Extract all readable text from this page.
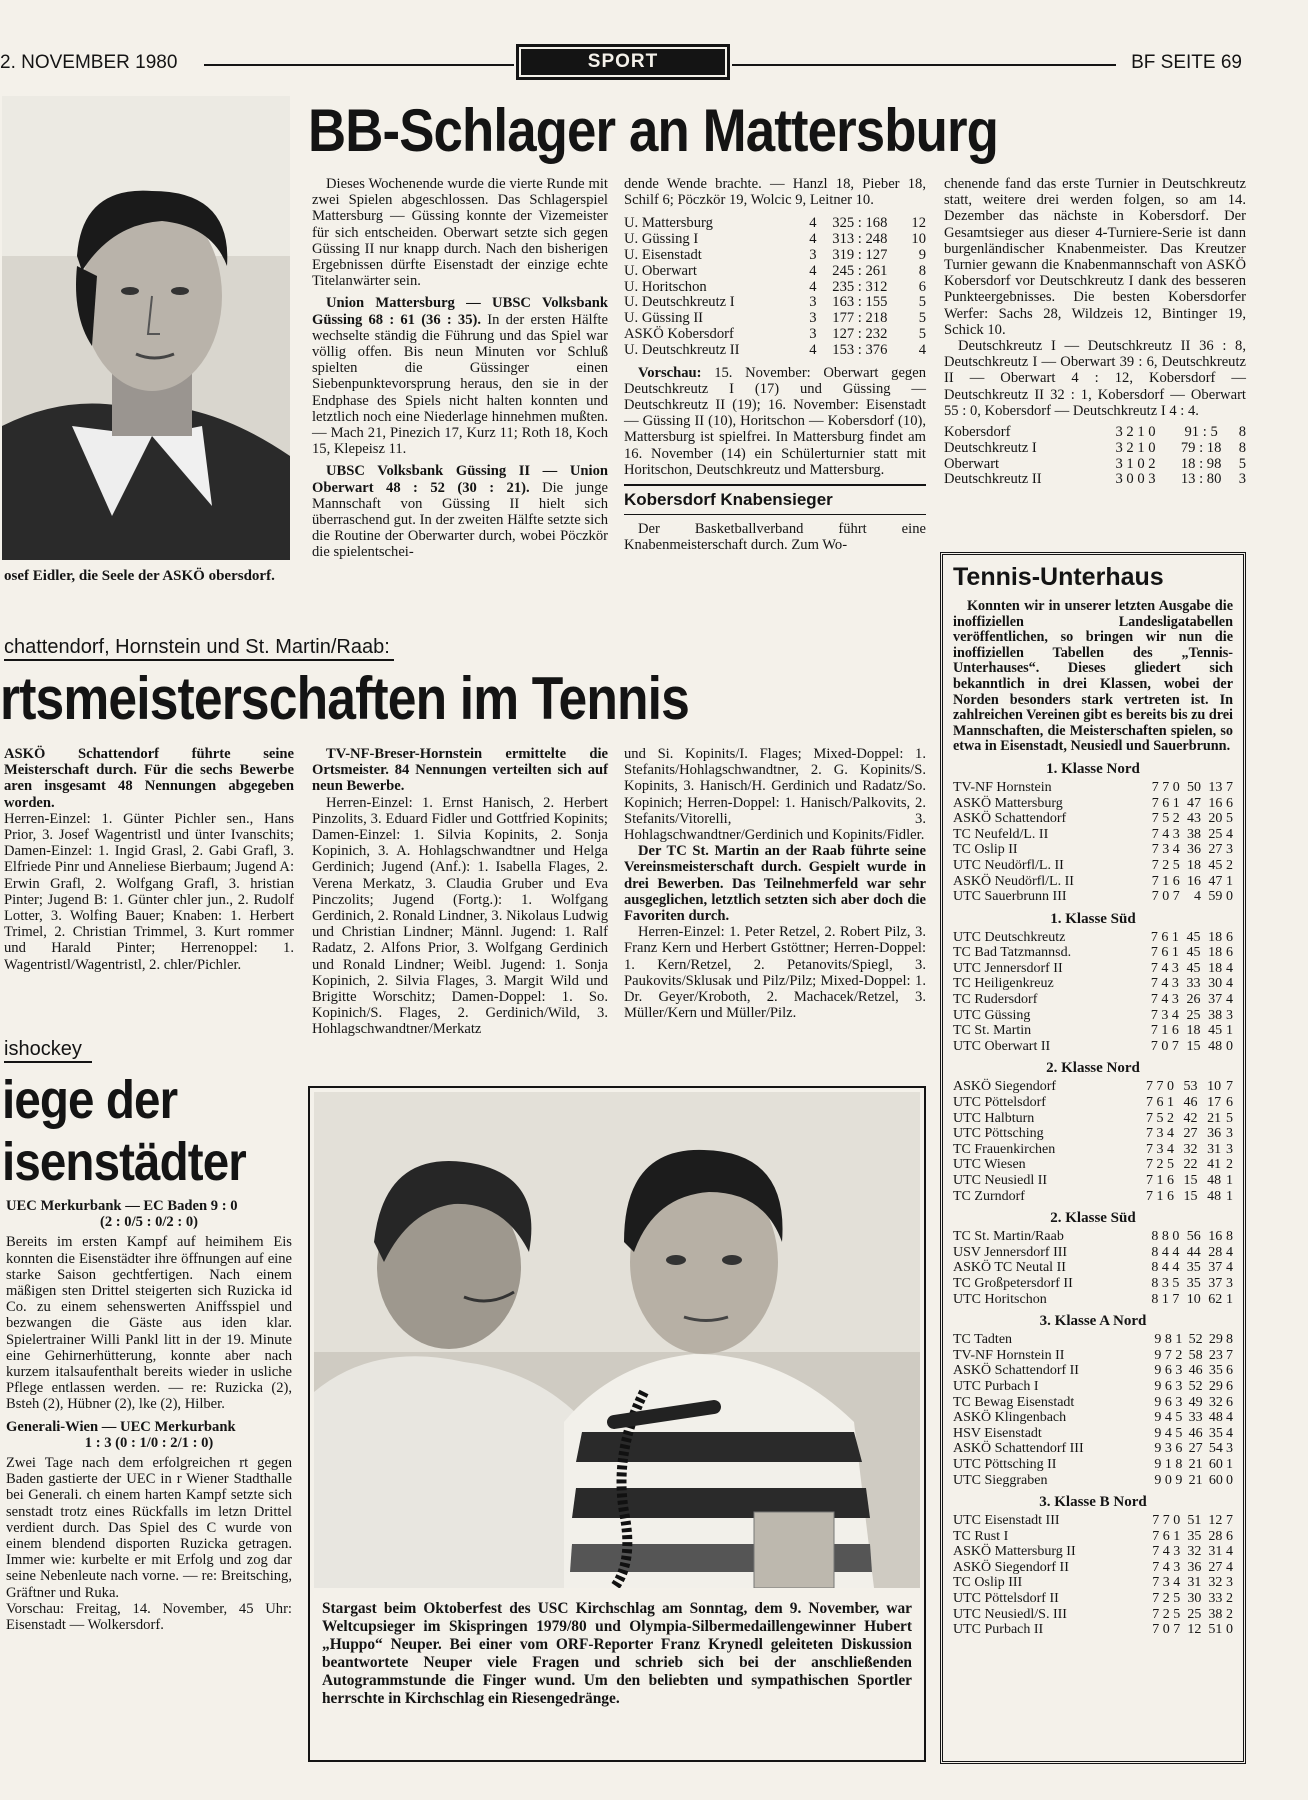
2. NOVEMBER 1980	SPORT	BF SEITE 69
osef Eidler, die Seele der ASKÖ obersdorf.
BB-Schlager an Mattersburg

Dieses Wochenende wurde die vierte Runde mit zwei Spielen abgeschlossen. Das Schlagerspiel Mattersburg — Güssing konnte der Vizemeister für sich entscheiden. Oberwart setzte sich gegen Güssing II nur knapp durch. Nach den bisherigen Ergebnissen dürfte Eisenstadt der einzige echte Titelanwärter sein.

Union Mattersburg — UBSC Volksbank Güssing 68 : 61 (36 : 35). In der ersten Hälfte wechselte ständig die Führung und das Spiel war völlig offen. Bis neun Minuten vor Schluß spielten die Güssinger einen Siebenpunktevorsprung heraus, den sie in der Endphase des Spiels nicht halten konnten und letztlich noch eine Niederlage hinnehmen mußten. — Mach 21, Pinezich 17, Kurz 11; Roth 18, Koch 15, Klepeisz 11.

UBSC Volksbank Güssing II — Union Oberwart 48 : 52 (30 : 21). Die junge Mannschaft von Güssing II hielt sich überraschend gut. In der zweiten Hälfte setzte sich die Routine der Oberwarter durch, wobei Pöczkör die spielentschei-

dende Wende brachte. — Hanzl 18, Pieber 18, Schilf 6; Pöczkör 19, Wolcic 9, Leitner 10.

U. Mattersburg	4	325 : 168	12
U. Güssing I	4	313 : 248	10
U. Eisenstadt	3	319 : 127	9
U. Oberwart	4	245 : 261	8
U. Horitschon	4	235 : 312	6
U. Deutschkreutz I	3	163 : 155	5
U. Güssing II	3	177 : 218	5
ASKÖ Kobersdorf	3	127 : 232	5
U. Deutschkreutz II	4	153 : 376	4

Vorschau: 15. November: Oberwart gegen Deutschkreutz I (17) und Güssing — Deutschkreutz II (19); 16. November: Eisenstadt — Güssing II (10), Horitschon — Kobersdorf (10), Mattersburg ist spielfrei. In Mattersburg findet am 16. November (14) ein Schülerturnier statt mit Horitschon, Deutschkreutz und Mattersburg.

Kobersdorf Knabensieger

Der Basketballverband führt eine Knabenmeisterschaft durch. Zum Wo-

chenende fand das erste Turnier in Deutschkreutz statt, weitere drei werden folgen, so am 14. Dezember das nächste in Kobersdorf. Der Gesamtsieger aus dieser 4-Turniere-Serie ist dann burgenländischer Knabenmeister. Das Kreutzer Turnier gewann die Knabenmannschaft von ASKÖ Kobersdorf vor Deutschkreutz I dank des besseren Punkteergebnisses. Die besten Kobersdorfer Werfer: Sachs 28, Wildzeis 12, Bintinger 19, Schick 10.

Deutschkreutz I — Deutschkreutz II 36 : 8, Deutschkreutz I — Oberwart 39 : 6, Deutschkreutz II — Oberwart 4 : 12, Kobersdorf — Deutschkreutz II 32 : 1, Kobersdorf — Oberwart 55 : 0, Kobersdorf — Deutschkreutz I 4 : 4.

Kobersdorf	3 2 1 0	91 : 5	8
Deutschkreutz I	3 2 1 0	79 : 18	8
Oberwart	3 1 0 2	18 : 98	5
Deutschkreutz II	3 0 0 3	13 : 80	3
chattendorf, Hornstein und St. Martin/Raab:
rtsmeisterschaften im Tennis

ASKÖ Schattendorf führte seine Meisterschaft durch. Für die sechs Bewerbe aren insgesamt 48 Nennungen abgegeben worden.

Herren-Einzel: 1. Günter Pichler sen., Hans Prior, 3. Josef Wagentristl und ünter Ivanschits; Damen-Einzel: 1. Ingid Grasl, 2. Gabi Grafl, 3. Elfriede Pinr und Anneliese Bierbaum; Jugend A: Erwin Grafl, 2. Wolfgang Grafl, 3. hristian Pinter; Jugend B: 1. Günter chler jun., 2. Rudolf Lotter, 3. Wolfing Bauer; Knaben: 1. Herbert Trimel, 2. Christian Trimmel, 3. Kurt rommer und Harald Pinter; Herrenoppel: 1. Wagentristl/Wagentristl, 2. chler/Pichler.

TV-NF-Breser-Hornstein ermittelte die Ortsmeister. 84 Nennungen verteilten sich auf neun Bewerbe.

Herren-Einzel: 1. Ernst Hanisch, 2. Herbert Pinzolits, 3. Eduard Fidler und Gottfried Kopinits; Damen-Einzel: 1. Silvia Kopinits, 2. Sonja Kopinich, 3. A. Hohlagschwandtner und Helga Gerdinich; Jugend (Anf.): 1. Isabella Flages, 2. Verena Merkatz, 3. Claudia Gruber und Eva Pinczolits; Jugend (Fortg.): 1. Wolfgang Gerdinich, 2. Ronald Lindner, 3. Nikolaus Ludwig und Christian Lindner; Männl. Jugend: 1. Ralf Radatz, 2. Alfons Prior, 3. Wolfgang Gerdinich und Ronald Lindner; Weibl. Jugend: 1. Sonja Kopinich, 2. Silvia Flages, 3. Margit Wild und Brigitte Worschitz; Damen-Doppel: 1. So. Kopinich/S. Flages, 2. Gerdinich/Wild, 3. Hohlagschwandtner/Merkatz

und Si. Kopinits/I. Flages; Mixed-Doppel: 1. Stefanits/Hohlagschwandtner, 2. G. Kopinits/S. Kopinits, 3. Hanisch/H. Gerdinich und Radatz/So. Kopinich; Herren-Doppel: 1. Hanisch/Palkovits, 2. Stefanits/Vitorelli, 3. Hohlagschwandtner/Gerdinich und Kopinits/Fidler.

Der TC St. Martin an der Raab führte seine Vereinsmeisterschaft durch. Gespielt wurde in drei Bewerben. Das Teilnehmerfeld war sehr ausgeglichen, letztlich setzten sich aber doch die Favoriten durch.

Herren-Einzel: 1. Peter Retzel, 2. Robert Pilz, 3. Franz Kern und Herbert Gstöttner; Herren-Doppel: 1. Kern/Retzel, 2. Petanovits/Spiegl, 3. Paukovits/Sklusak und Pilz/Pilz; Mixed-Doppel: 1. Dr. Geyer/Kroboth, 2. Machacek/Retzel, 3. Müller/Kern und Müller/Pilz.

ishockey
iege der
isenstädter

UEC Merkurbank — EC Baden 9 : 0

(2 : 0/5 : 0/2 : 0)

Bereits im ersten Kampf auf heimihem Eis konnten die Eisenstädter ihre öffnungen auf eine starke Saison gechtfertigen. Nach einem mäßigen sten Drittel steigerten sich Ruzicka id Co. zu einem sehenswerten Aniffsspiel und bezwangen die Gäste aus iden klar. Spielertrainer Willi Pankl litt in der 19. Minute eine Gehirnerhütterung, konnte aber nach kurzem italsaufenthalt bereits wieder in usliche Pflege entlassen werden. — re: Ruzicka (2), Bsteh (2), Hübner (2), lke (2), Hilber.

Generali-Wien — UEC Merkurbank

1 : 3 (0 : 1/0 : 2/1 : 0)

Zwei Tage nach dem erfolgreichen rt gegen Baden gastierte der UEC in r Wiener Stadthalle bei Generali. ch einem harten Kampf setzte sich senstadt trotz eines Rückfalls im letzn Drittel verdient durch. Das Spiel des C wurde von einem blendend disporten Ruzicka getragen. Immer wie: kurbelte er mit Erfolg und zog dar seine Nebenleute nach vorne. — re: Breitsching, Gräftner und Ruka.

Vorschau: Freitag, 14. November, 45 Uhr: Eisenstadt — Wolkersdorf.

Stargast beim Oktoberfest des USC Kirchschlag am Sonntag, dem 9. November, war Weltcupsieger im Skispringen 1979/80 und Olympia-Silbermedaillengewinner Hubert „Huppo“ Neuper. Bei einer vom ORF-Reporter Franz Krynedl geleiteten Diskussion beantwortete Neuper viele Fragen und schrieb sich bei der anschließenden Autogrammstunde die Finger wund. Um den beliebten und sympathischen Sportler herrschte in Kirchschlag ein Riesengedränge.
Tennis-Unterhaus

Konnten wir in unserer letzten Ausgabe die inoffiziellen Landesligatabellen veröffentlichen, so bringen wir nun die inoffiziellen Tabellen des „Tennis-Unterhauses“. Dieses gliedert sich bekanntlich in drei Klassen, wobei der Norden besonders stark vertreten ist. In zahlreichen Vereinen gibt es bereits bis zu drei Mannschaften, die Meisterschaften spielen, so etwa in Eisenstadt, Neusiedl und Sauerbrunn.

1. Klasse Nord
TV-NF Hornstein	7 7 0	50	13	7
ASKÖ Mattersburg	7 6 1	47	16	6
ASKÖ Schattendorf	7 5 2	43	20	5
TC Neufeld/L. II	7 4 3	38	25	4
TC Oslip II	7 3 4	36	27	3
UTC Neudörfl/L. II	7 2 5	18	45	2
ASKÖ Neudörfl/L. II	7 1 6	16	47	1
UTC Sauerbrunn III	7 0 7	4	59	0
1. Klasse Süd
UTC Deutschkreutz	7 6 1	45	18	6
TC Bad Tatzmannsd.	7 6 1	45	18	6
UTC Jennersdorf II	7 4 3	45	18	4
TC Heiligenkreuz	7 4 3	33	30	4
TC Rudersdorf	7 4 3	26	37	4
UTC Güssing	7 3 4	25	38	3
TC St. Martin	7 1 6	18	45	1
UTC Oberwart II	7 0 7	15	48	0
2. Klasse Nord
ASKÖ Siegendorf	7 7 0	53	10	7
UTC Pöttelsdorf	7 6 1	46	17	6
UTC Halbturn	7 5 2	42	21	5
UTC Pöttsching	7 3 4	27	36	3
TC Frauenkirchen	7 3 4	32	31	3
UTC Wiesen	7 2 5	22	41	2
UTC Neusiedl II	7 1 6	15	48	1
TC Zurndorf	7 1 6	15	48	1
2. Klasse Süd
TC St. Martin/Raab	8 8 0	56	16	8
USV Jennersdorf III	8 4 4	44	28	4
ASKÖ TC Neutal II	8 4 4	35	37	4
TC Großpetersdorf II	8 3 5	35	37	3
UTC Horitschon	8 1 7	10	62	1
3. Klasse A Nord
TC Tadten	9 8 1	52	29	8
TV-NF Hornstein II	9 7 2	58	23	7
ASKÖ Schattendorf II	9 6 3	46	35	6
UTC Purbach I	9 6 3	52	29	6
TC Bewag Eisenstadt	9 6 3	49	32	6
ASKÖ Klingenbach	9 4 5	33	48	4
HSV Eisenstadt	9 4 5	46	35	4
ASKÖ Schattendorf III	9 3 6	27	54	3
UTC Pöttsching II	9 1 8	21	60	1
UTC Sieggraben	9 0 9	21	60	0
3. Klasse B Nord
UTC Eisenstadt III	7 7 0	51	12	7
TC Rust I	7 6 1	35	28	6
ASKÖ Mattersburg II	7 4 3	32	31	4
ASKÖ Siegendorf II	7 4 3	36	27	4
TC Oslip III	7 3 4	31	32	3
UTC Pöttelsdorf II	7 2 5	30	33	2
UTC Neusiedl/S. III	7 2 5	25	38	2
UTC Purbach II	7 0 7	12	51	0
